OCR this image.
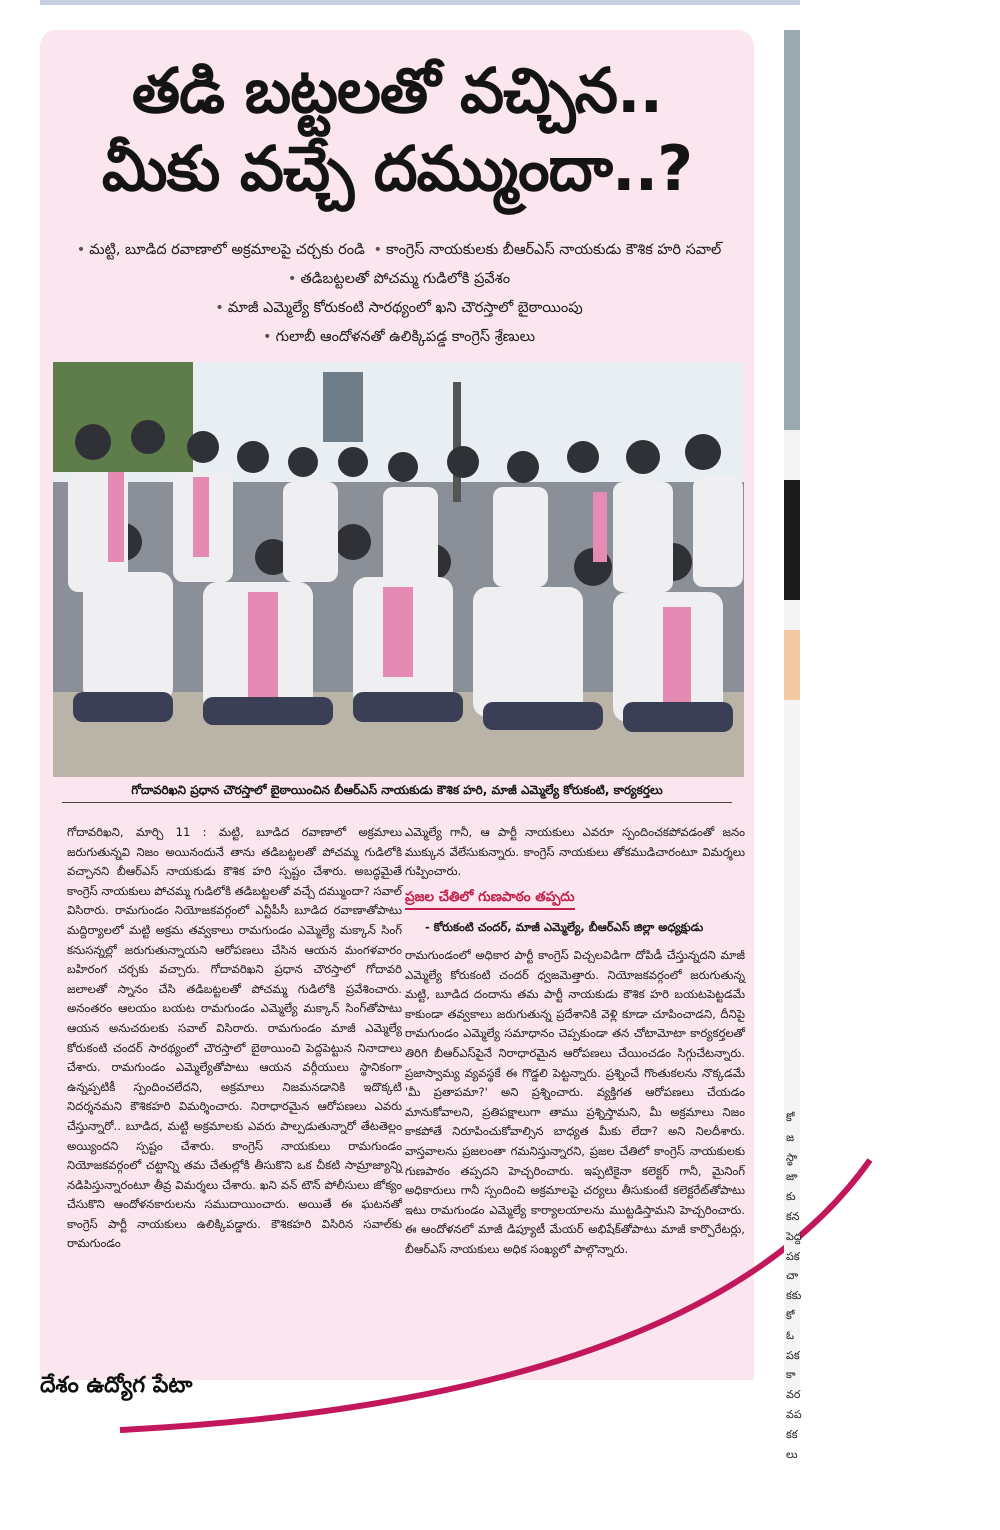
తడి బట్టలతో వచ్చిన..
మీకు వచ్చే దమ్ముందా..?
• మట్టి, బూడిద రవాణాలో అక్రమాలపై చర్చకు రండి • కాంగ్రెస్‌ నాయకులకు బీఆర్‌ఎస్‌ నాయకుడు కౌశిక హరి సవాల్‌ • తడిబట్టలతో పోచమ్మ గుడిలోకి ప్రవేశం
• మాజీ ఎమ్మెల్యే కోరుకంటి సారథ్యంలో ఖని చౌరస్తాలో బైఠాయింపు
• గులాబీ ఆందోళనతో ఉలిక్కిపడ్డ కాంగ్రెస్‌ శ్రేణులు
గోదావరిఖని ప్రధాన చౌరస్తాలో బైఠాయించిన బీఆర్‌ఎస్‌ నాయకుడు కౌశిక హరి, మాజీ ఎమ్మెల్యే కోరుకంటి, కార్యకర్తలు

గోదావరిఖని, మార్చి 11 : మట్టి, బూడిద రవాణాలో అక్రమాలు జరుగుతున్నవి నిజం అయినందునే తాను తడిబట్టలతో పోచమ్మ గుడిలోకి వచ్చానని బీఆర్‌ఎస్‌ నాయకుడు కౌశిక హరి స్పష్టం చేశారు. అబద్ధమైతే కాంగ్రెస్‌ నాయకులు పోచమ్మ గుడిలోకి తడిబట్టలతో వచ్చే దమ్ముందా? సవాల్‌ విసిరారు. రామగుండం నియోజకవర్గంలో ఎన్టీపీసీ బూడిద రవాణాతోపాటు మద్దిర్యాలలో మట్టి అక్రమ తవ్వకాలు రామగుండం ఎమ్మెల్యే మక్కాన్‌ సింగ్‌ కనుసన్నల్లో జరుగుతున్నాయని ఆరోపణలు చేసిన ఆయన మంగళవారం బహిరంగ చర్చకు వచ్చారు. గోదావరిఖని ప్రధాన చౌరస్తాలో గోదావరి జలాలతో స్నానం చేసి తడిబట్టలతో పోచమ్మ గుడిలోకి ప్రవేశించారు. అనంతరం ఆలయం బయట రామగుండం ఎమ్మెల్యే మక్కాన్‌ సింగ్‌తోపాటు ఆయన అనుచరులకు సవాల్‌ విసిరారు. రామగుండం మాజీ ఎమ్మెల్యే కోరుకంటి చందర్‌ సారథ్యంలో చౌరస్తాలో బైఠాయించి పెద్దపెట్టున నినాదాలు చేశారు. రామగుండం ఎమ్మెల్యేతోపాటు ఆయన వర్గీయులు స్థానికంగా ఉన్నప్పటికీ స్పందించలేదని, అక్రమాలు నిజమనడానికి ఇదొక్కటి నిదర్శనమని కౌశికహరి విమర్శించారు. నిరాధారమైన ఆరోపణలు ఎవరు చేస్తున్నారో.. బూడిద, మట్టి అక్రమాలకు ఎవరు పాల్పడుతున్నారో తేటతెల్లం అయ్యిందని స్పష్టం చేశారు. కాంగ్రెస్‌ నాయకులు రామగుండం నియోజకవర్గంలో చట్టాన్ని తమ చేతుల్లోకి తీసుకొని ఒక చీకటి సామ్రాజ్యాన్ని నడిపిస్తున్నారంటూ తీవ్ర విమర్శలు చేశారు. ఖని వన్‌ టౌన్‌ పోలీసులు జోక్యం చేసుకొని ఆందోళనకారులను సముదాయించారు. అయితే ఈ ఘటనతో కాంగ్రెస్‌ పార్టీ నాయకులు ఉలిక్కిపడ్డారు. కౌశికహరి విసిరిన సవాల్‌కు రామగుండం

ఎమ్మెల్యే గానీ, ఆ పార్టీ నాయకులు ఎవరూ స్పందించకపోవడంతో జనం ముక్కున వేలేసుకున్నారు. కాంగ్రెస్‌ నాయకులు తోకముడిచారంటూ విమర్శలు గుప్పించారు.

ప్రజల చేతిలో గుణపాఠం తప్పదు
- కోరుకంటి చందర్‌, మాజీ ఎమ్మెల్యే, బీఆర్‌ఎస్‌ జిల్లా అధ్యక్షుడు

రామగుండంలో అధికార పార్టీ కాంగ్రెస్‌ విచ్చలవిడిగా దోపిడీ చేస్తున్నదని మాజీ ఎమ్మెల్యే కోరుకంటి చందర్‌ ధ్వజమెత్తారు. నియోజకవర్గంలో జరుగుతున్న మట్టి, బూడిద దందాను తమ పార్టీ నాయకుడు కౌశిక హరి బయటపెట్టడమే కాకుండా తవ్వకాలు జరుగుతున్న ప్రదేశానికి వెళ్లి కూడా చూపించాడని, దీనిపై రామగుండం ఎమ్మెల్యే సమాధానం చెప్పకుండా తన చోటామోటా కార్యకర్తలతో తిరిగి బీఆర్‌ఎస్‌పైనే నిరాధారమైన ఆరోపణలు చేయించడం సిగ్గుచేటన్నారు. ప్రజాస్వామ్య వ్యవస్థకే ఈ గొడ్డలి పెట్టన్నారు. ప్రశ్నించే గొంతుకలను నొక్కడమే 'మీ ప్రతాపమా?' అని ప్రశ్నించారు. వ్యక్తిగత ఆరోపణలు చేయడం మానుకోవాలని, ప్రతిపక్షాలుగా తాము ప్రశ్నిస్తామని, మీ అక్రమాలు నిజం కాకపోతే నిరూపించుకోవాల్సిన బాధ్యత మీకు లేదా? అని నిలదీశారు. వాస్తవాలను ప్రజలంతా గమనిస్తున్నారని, ప్రజల చేతిలో కాంగ్రెస్‌ నాయకులకు గుణపాఠం తప్పదని హెచ్చరించారు. ఇప్పటికైనా కలెక్టర్‌ గానీ, మైనింగ్‌ అధికారులు గానీ స్పందించి అక్రమాలపై చర్యలు తీసుకుంటే కలెక్టరేట్‌తోపాటు ఇటు రామగుండం ఎమ్మెల్యే కార్యాలయాలను ముట్టడిస్తామని హెచ్చరించారు. ఈ ఆందోళనలో మాజీ డిప్యూటీ మేయర్‌ అభిషేక్‌తోపాటు మాజీ కార్పొరేటర్లు, బీఆర్‌ఎస్‌ నాయకులు అధిక సంఖ్యలో పాల్గొన్నారు.

కో జ స్థా జా కు కన పెద్ద పక చా కకు కో ఓ పక కా వర వప కక లు
దేశం ఉద్యోగ పేటా
